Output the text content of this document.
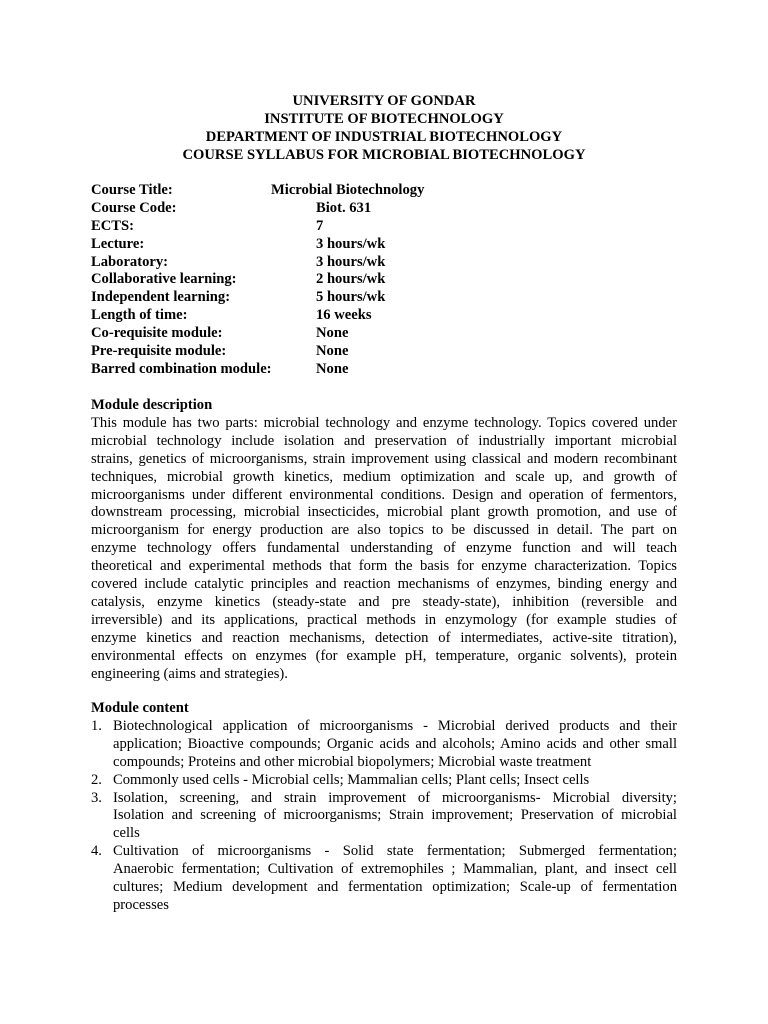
UNIVERSITY OF GONDAR
INSTITUTE OF BIOTECHNOLOGY
DEPARTMENT OF INDUSTRIAL BIOTECHNOLOGY
COURSE SYLLABUS FOR MICROBIAL BIOTECHNOLOGY
Course Title:	Microbial Biotechnology
Course Code:	Biot. 631
ECTS:	7
Lecture:	3 hours/wk
Laboratory:	3 hours/wk
Collaborative learning:	2 hours/wk
Independent learning:	5 hours/wk
Length of time:	16 weeks
Co-requisite module:	None
Pre-requisite module:	None
Barred combination module:	None
Module description
This module has two parts: microbial technology and enzyme technology. Topics covered under
microbial technology include isolation and preservation of industrially important microbial
strains, genetics of microorganisms, strain improvement using classical and modern recombinant
techniques, microbial growth kinetics, medium optimization and scale up, and growth of
microorganisms under different environmental conditions. Design and operation of fermentors,
downstream processing, microbial insecticides, microbial plant growth promotion, and use of
microorganism for energy production are also topics to be discussed in detail. The part on
enzyme technology offers fundamental understanding of enzyme function and will teach
theoretical and experimental methods that form the basis for enzyme characterization. Topics
covered include catalytic principles and reaction mechanisms of enzymes, binding energy and
catalysis, enzyme kinetics (steady-state and pre steady-state), inhibition (reversible and
irreversible) and its applications, practical methods in enzymology (for example studies of
enzyme kinetics and reaction mechanisms, detection of intermediates, active-site titration),
environmental effects on enzymes (for example pH, temperature, organic solvents), protein
engineering (aims and strategies).
Module content
1. Biotechnological application of microorganisms - Microbial derived products and their
application; Bioactive compounds; Organic acids and alcohols; Amino acids and other small
compounds; Proteins and other microbial biopolymers; Microbial waste treatment
2. Commonly used cells - Microbial cells; Mammalian cells; Plant cells; Insect cells
3. Isolation, screening, and strain improvement of microorganisms- Microbial diversity;
Isolation and screening of microorganisms; Strain improvement; Preservation of microbial
cells
4. Cultivation of microorganisms - Solid state fermentation; Submerged fermentation;
Anaerobic fermentation; Cultivation of extremophiles ; Mammalian, plant, and insect cell
cultures; Medium development and fermentation optimization; Scale-up of fermentation
processes
